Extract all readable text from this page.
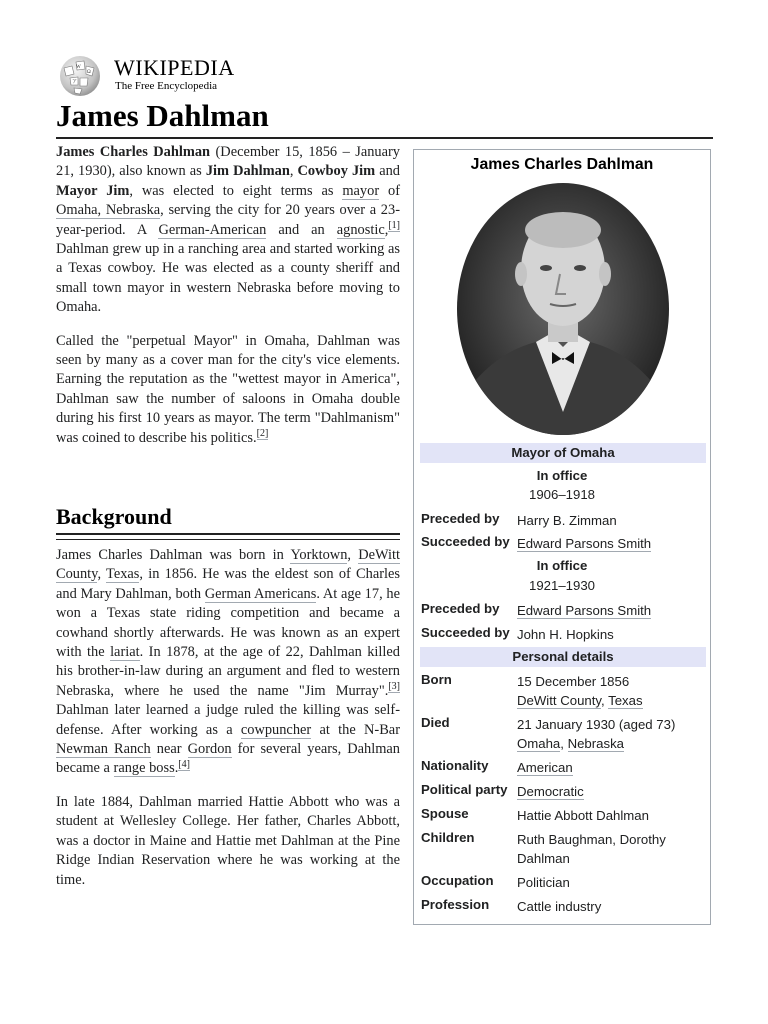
W
Ω
ア
WIKIPEDIA
The Free Encyclopedia
James Dahlman

James Charles Dahlman (December 15, 1856 – January 21, 1930), also known as Jim Dahlman, Cowboy Jim and Mayor Jim, was elected to eight terms as mayor of Omaha, Nebraska, serving the city for 20 years over a 23-year-period. A German-American and an agnostic,[1] Dahlman grew up in a ranching area and started working as a Texas cowboy. He was elected as a county sheriff and small town mayor in western Nebraska before moving to Omaha.

Called the "perpetual Mayor" in Omaha, Dahlman was seen by many as a cover man for the city's vice elements. Earning the reputation as the "wettest mayor in America", Dahlman saw the number of saloons in Omaha double during his first 10 years as mayor. The term "Dahlmanism" was coined to describe his politics.[2]

Background

James Charles Dahlman was born in Yorktown, DeWitt County, Texas, in 1856. He was the eldest son of Charles and Mary Dahlman, both German Americans. At age 17, he won a Texas state riding competition and became a cowhand shortly afterwards. He was known as an expert with the lariat. In 1878, at the age of 22, Dahlman killed his brother-in-law during an argument and fled to western Nebraska, where he used the name "Jim Murray".[3] Dahlman later learned a judge ruled the killing was self-defense. After working as a cowpuncher at the N-Bar Newman Ranch near Gordon for several years, Dahlman became a range boss.[4]

In late 1884, Dahlman married Hattie Abbott who was a student at Wellesley College. Her father, Charles Abbott, was a doctor in Maine and Hattie met Dahlman at the Pine Ridge Indian Reservation where he was working at the time.

James Charles Dahlman
Mayor of Omaha
In office
1906–1918
Preceded by Harry B. Zimman
Succeeded by Edward Parsons Smith
In office
1921–1930
Preceded by Edward Parsons Smith
Succeeded by John H. Hopkins
Personal details
Born	15 December 1856
DeWitt County, Texas
Died	21 January 1930 (aged 73)
Omaha, Nebraska
Nationality American
Political party Democratic
Spouse	Hattie Abbott Dahlman
Children	Ruth Baughman, Dorothy Dahlman
Occupation Politician
Profession Cattle industry
